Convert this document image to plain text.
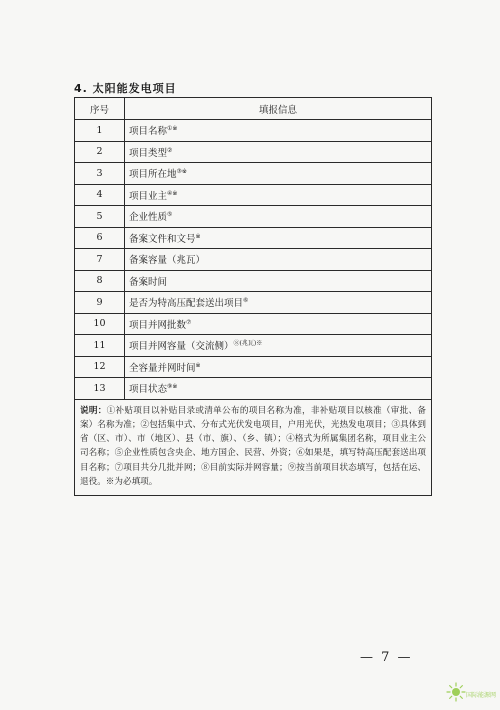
4. 太阳能发电项目
序号	填报信息
1	项目名称①※
2	项目类型②
3	项目所在地③※
4	项目业主④※
5	企业性质⑤
6	备案文件和文号※
7	备案容量（兆瓦）
8	备案时间
9	是否为特高压配套送出项目⑥
10	项目并网批数⑦
11	项目并网容量（交流侧）$^{⑧(兆瓦)※}$
12	全容量并网时间※
13	项目状态⑨※
说明：①补贴项目以补贴目录或清单公布的项目名称为准，非补贴项目以核准（审批、备案）名称为准；②包括集中式、分布式光伏发电项目，户用光伏，光热发电项目；③具体到省（区、市）、市（地区）、县（市、旗）、（乡、镇）；④格式为所属集团名称，项目业主公司名称；⑤企业性质包含央企、地方国企、民营、外资；⑥如果是，填写特高压配套送出项目名称；⑦项目共分几批并网；⑧目前实际并网容量；⑨按当前项目状态填写，包括在运、退役。※为必填项。	
— 7 —
国际能源网
